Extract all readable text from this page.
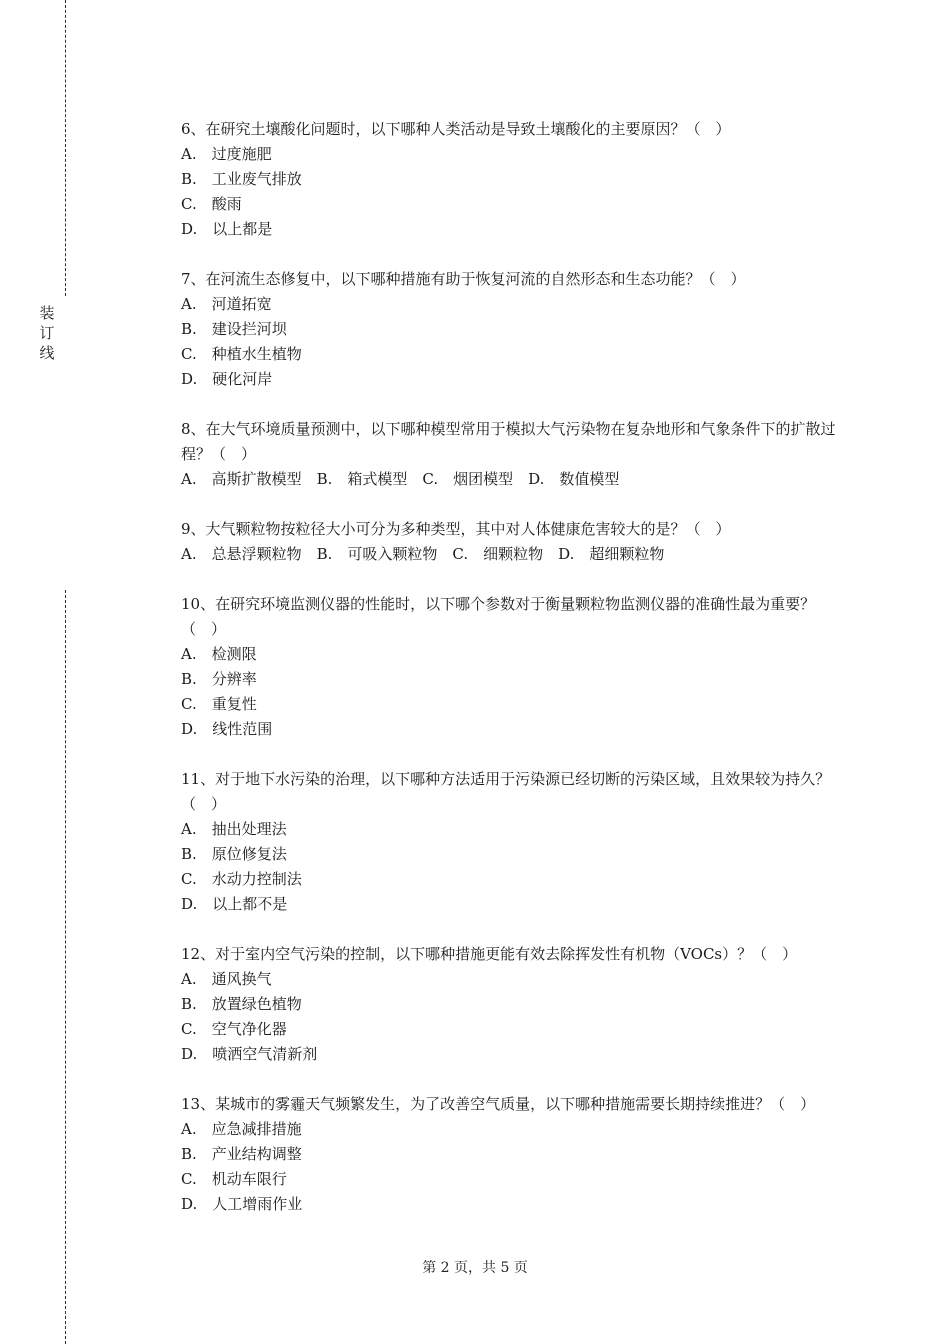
装
订
线

6、在研究土壤酸化问题时，以下哪种人类活动是导致土壤酸化的主要原因？（　）

A.　过度施肥

B.　工业废气排放

C.　酸雨

D.　以上都是

7、在河流生态修复中，以下哪种措施有助于恢复河流的自然形态和生态功能？（　）

A.　河道拓宽

B.　建设拦河坝

C.　种植水生植物

D.　硬化河岸

8、在大气环境质量预测中，以下哪种模型常用于模拟大气污染物在复杂地形和气象条件下的扩散过程？（　）

A.　高斯扩散模型　B.　箱式模型　C.　烟团模型　D.　数值模型

9、大气颗粒物按粒径大小可分为多种类型，其中对人体健康危害较大的是？（　）

A.　总悬浮颗粒物　B.　可吸入颗粒物　C.　细颗粒物　D.　超细颗粒物

10、在研究环境监测仪器的性能时，以下哪个参数对于衡量颗粒物监测仪器的准确性最为重要？（　）

A.　检测限

B.　分辨率

C.　重复性

D.　线性范围

11、对于地下水污染的治理，以下哪种方法适用于污染源已经切断的污染区域，且效果较为持久？（　）

A.　抽出处理法

B.　原位修复法

C.　水动力控制法

D.　以上都不是

12、对于室内空气污染的控制，以下哪种措施更能有效去除挥发性有机物（VOCs）？（　）

A.　通风换气

B.　放置绿色植物

C.　空气净化器

D.　喷洒空气清新剂

13、某城市的雾霾天气频繁发生，为了改善空气质量，以下哪种措施需要长期持续推进？（　）

A.　应急减排措施

B.　产业结构调整

C.　机动车限行

D.　人工增雨作业

第 2 页，共 5 页
